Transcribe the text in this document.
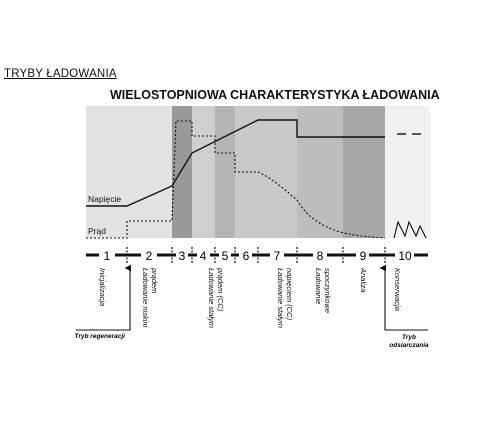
TRYBY ŁADOWANIA
WIELOSTOPNIOWA CHARAKTERYSTYKA ŁADOWANIA
Napięcie
Prąd
1	2 3 4 5 6 7	8	9	10
Inicjalizacja	Ładowanie niskimprądem	Ładowanie stałymprądem (CC)	Ładowanie stałymnapięciem (CC)	Ładowaniespoczynkowe	Analiza	Konserwacja
Tryb regeneracji	Tryb
odsiarczania
